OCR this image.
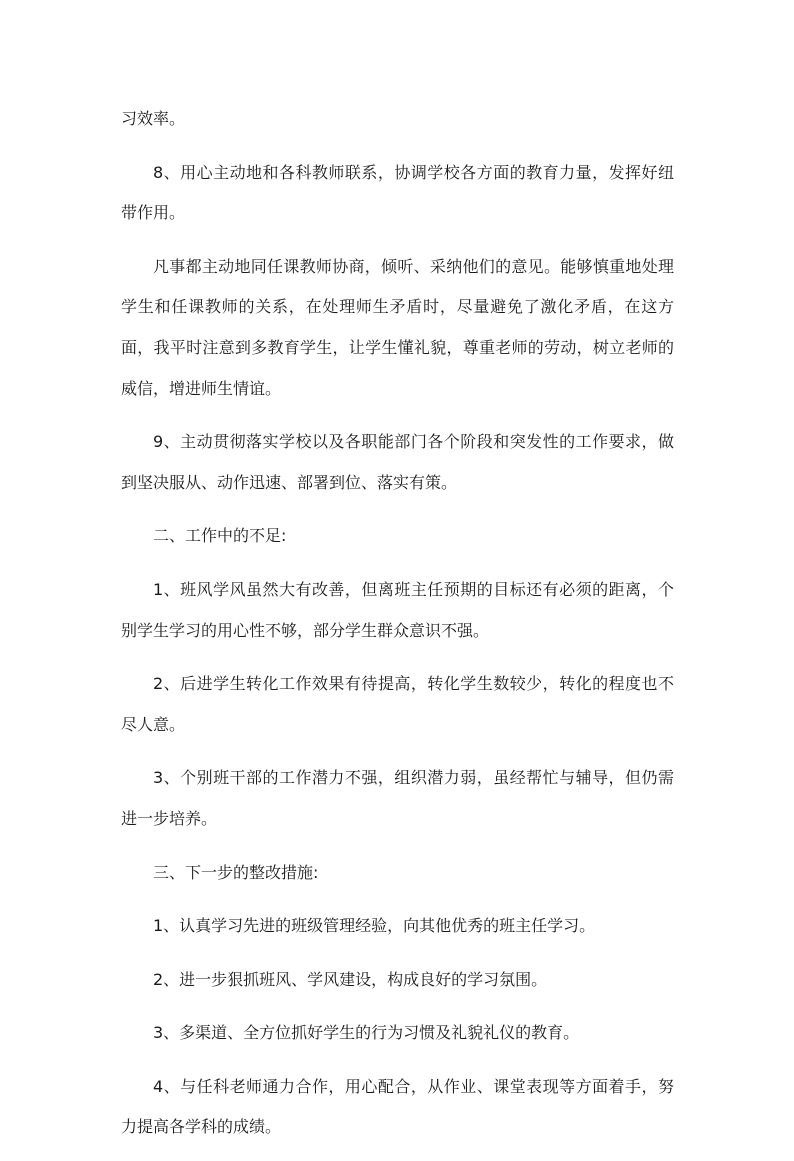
习效率。

8、用心主动地和各科教师联系，协调学校各方面的教育力量，发挥好纽带作用。

凡事都主动地同任课教师协商，倾听、采纳他们的意见。能够慎重地处理学生和任课教师的关系，在处理师生矛盾时，尽量避免了激化矛盾，在这方面，我平时注意到多教育学生，让学生懂礼貌，尊重老师的劳动，树立老师的威信，增进师生情谊。

9、主动贯彻落实学校以及各职能部门各个阶段和突发性的工作要求，做到坚决服从、动作迅速、部署到位、落实有策。

二、工作中的不足:

1、班风学风虽然大有改善，但离班主任预期的目标还有必须的距离，个别学生学习的用心性不够，部分学生群众意识不强。

2、后进学生转化工作效果有待提高，转化学生数较少，转化的程度也不尽人意。

3、个别班干部的工作潜力不强，组织潜力弱，虽经帮忙与辅导，但仍需进一步培养。

三、下一步的整改措施:

1、认真学习先进的班级管理经验，向其他优秀的班主任学习。

2、进一步狠抓班风、学风建设，构成良好的学习氛围。

3、多渠道、全方位抓好学生的行为习惯及礼貌礼仪的教育。

4、与任科老师通力合作，用心配合，从作业、课堂表现等方面着手，努力提高各学科的成绩。
